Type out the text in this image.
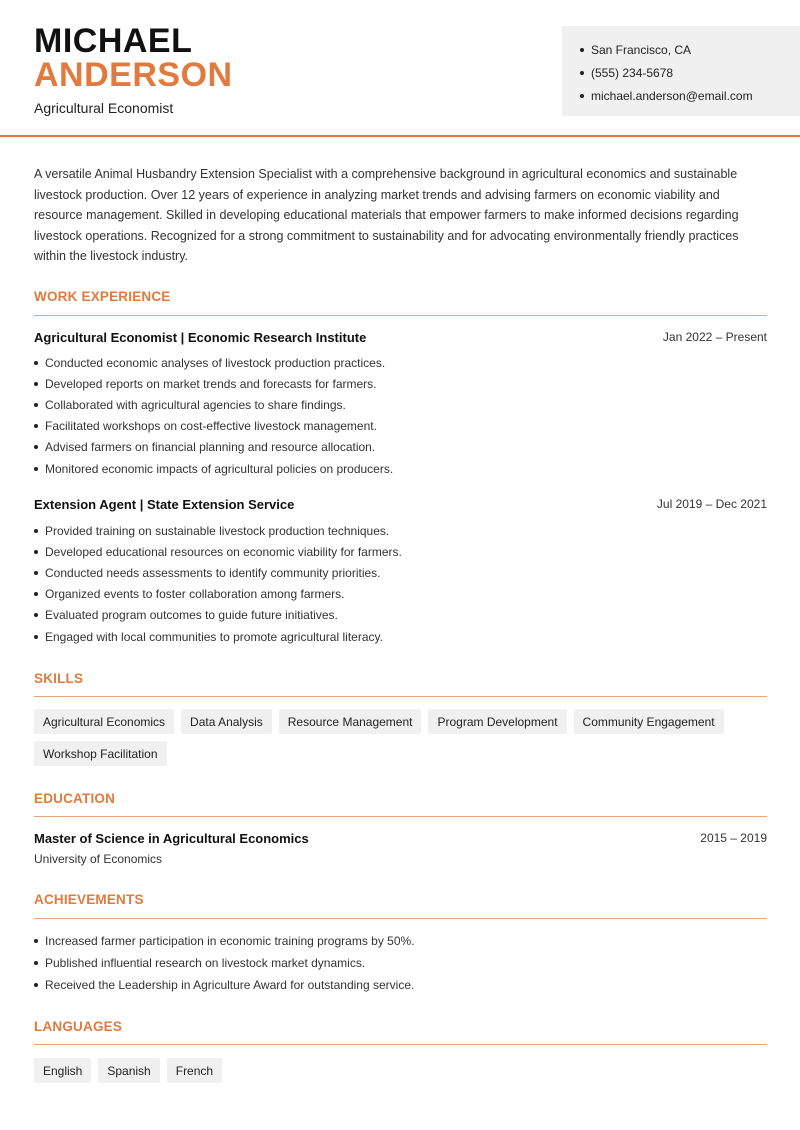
MICHAEL
ANDERSON
Agricultural Economist
San Francisco, CA
(555) 234-5678
michael.anderson@email.com

A versatile Animal Husbandry Extension Specialist with a comprehensive background in agricultural economics and sustainable livestock production. Over 12 years of experience in analyzing market trends and advising farmers on economic viability and resource management. Skilled in developing educational materials that empower farmers to make informed decisions regarding livestock operations. Recognized for a strong commitment to sustainability and for advocating environmentally friendly practices within the livestock industry.

WORK EXPERIENCE
Agricultural Economist | Economic Research Institute	Jan 2022 – Present
Conducted economic analyses of livestock production practices.
Developed reports on market trends and forecasts for farmers.
Collaborated with agricultural agencies to share findings.
Facilitated workshops on cost-effective livestock management.
Advised farmers on financial planning and resource allocation.
Monitored economic impacts of agricultural policies on producers.
Extension Agent | State Extension Service	Jul 2019 – Dec 2021
Provided training on sustainable livestock production techniques.
Developed educational resources on economic viability for farmers.
Conducted needs assessments to identify community priorities.
Organized events to foster collaboration among farmers.
Evaluated program outcomes to guide future initiatives.
Engaged with local communities to promote agricultural literacy.
SKILLS
Agricultural Economics	Data Analysis	Resource Management	Program Development	Community Engagement
Workshop Facilitation
EDUCATION
Master of Science in Agricultural Economics	2015 – 2019
University of Economics
ACHIEVEMENTS
Increased farmer participation in economic training programs by 50%.
Published influential research on livestock market dynamics.
Received the Leadership in Agriculture Award for outstanding service.
LANGUAGES
English	Spanish	French
